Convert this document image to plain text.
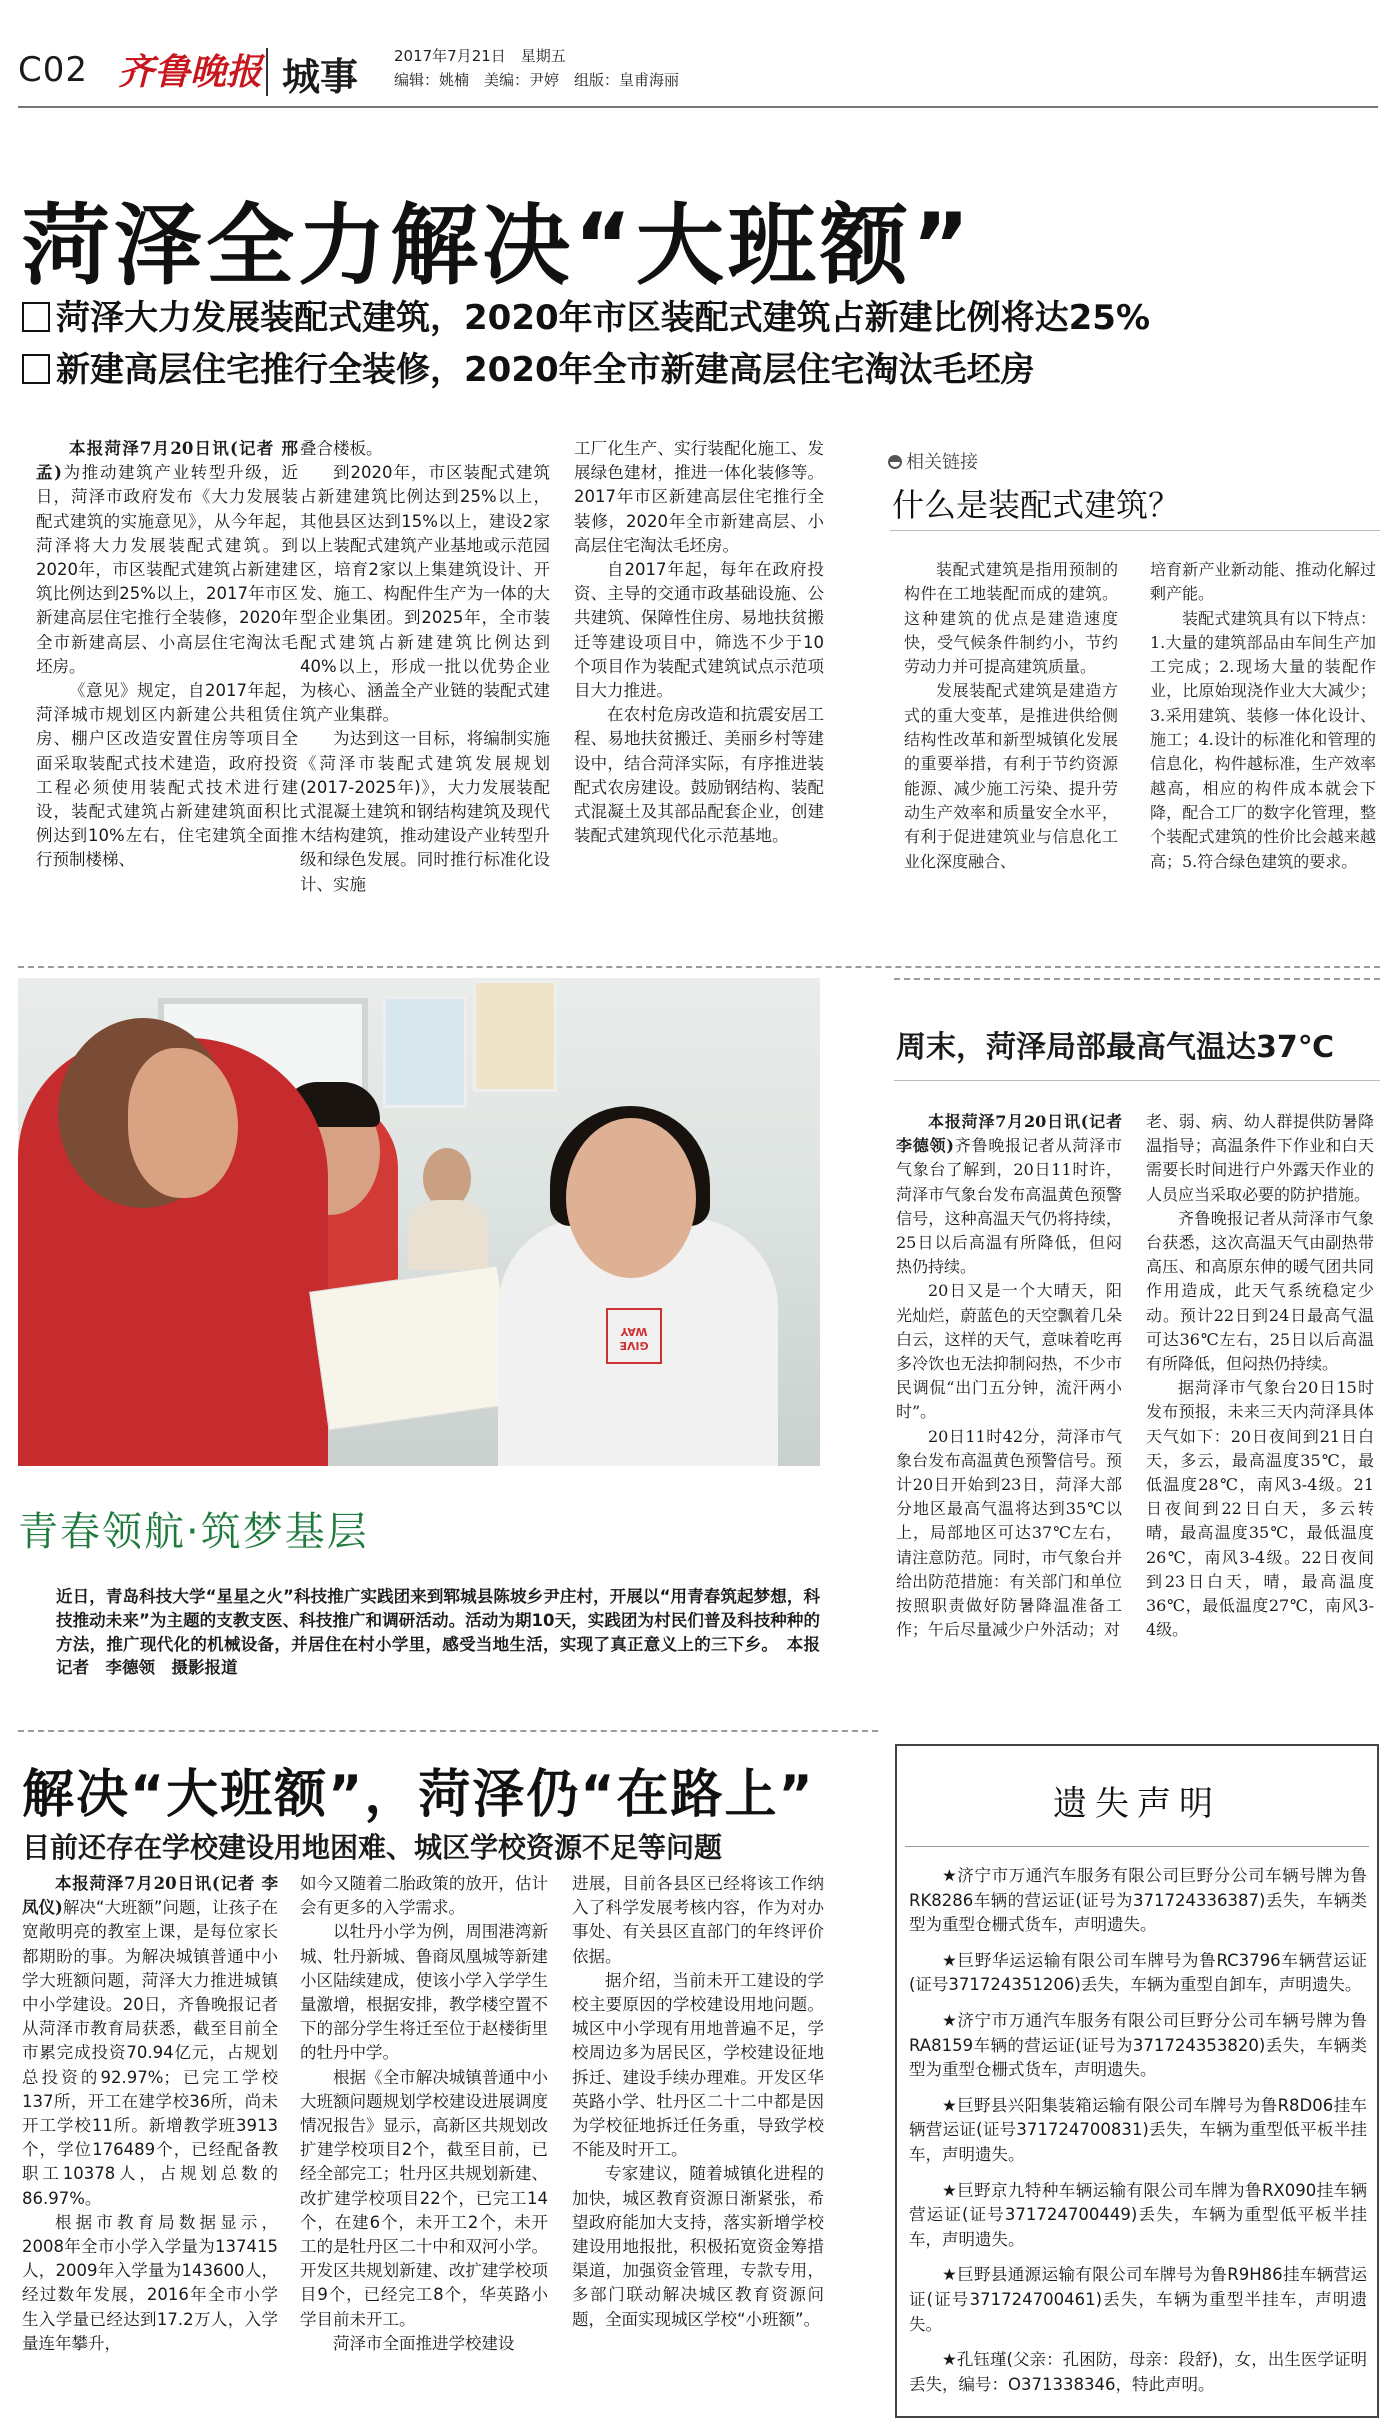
C02 齐鲁晚报 城事 2017年7月21日　星期五
编辑：姚楠　美编：尹婷　组版：皇甫海丽
菏泽全力解决“大班额”
菏泽大力发展装配式建筑，2020年市区装配式建筑占新建比例将达25%
新建高层住宅推行全装修，2020年全市新建高层住宅淘汰毛坯房

本报菏泽7月20日讯(记者 邢孟)为推动建筑产业转型升级，近日，菏泽市政府发布《大力发展装配式建筑的实施意见》，从今年起，菏泽将大力发展装配式建筑。到2020年，市区装配式建筑占新建建筑比例达到25%以上，2017年市区新建高层住宅推行全装修，2020年全市新建高层、小高层住宅淘汰毛坯房。

《意见》规定，自2017年起，菏泽城市规划区内新建公共租赁住房、棚户区改造安置住房等项目全面采取装配式技术建造，政府投资工程必须使用装配式技术进行建设，装配式建筑占新建建筑面积比例达到10%左右，住宅建筑全面推行预制楼梯、

叠合楼板。

到2020年，市区装配式建筑占新建建筑比例达到25%以上，其他县区达到15%以上，建设2家以上装配式建筑产业基地或示范园区，培育2家以上集建筑设计、开发、施工、构配件生产为一体的大型企业集团。到2025年，全市装配式建筑占新建建筑比例达到40%以上，形成一批以优势企业为核心、涵盖全产业链的装配式建筑产业集群。

为达到这一目标，将编制实施《菏泽市装配式建筑发展规划(2017-2025年)》，大力发展装配式混凝土建筑和钢结构建筑及现代木结构建筑，推动建设产业转型升级和绿色发展。同时推行标准化设计、实施

工厂化生产、实行装配化施工、发展绿色建材，推进一体化装修等。2017年市区新建高层住宅推行全装修，2020年全市新建高层、小高层住宅淘汰毛坯房。

自2017年起，每年在政府投资、主导的交通市政基础设施、公共建筑、保障性住房、易地扶贫搬迁等建设项目中，筛选不少于10个项目作为装配式建筑试点示范项目大力推进。

在农村危房改造和抗震安居工程、易地扶贫搬迁、美丽乡村等建设中，结合菏泽实际，有序推进装配式农房建设。鼓励钢结构、装配式混凝土及其部品配套企业，创建装配式建筑现代化示范基地。

相关链接
什么是装配式建筑？

装配式建筑是指用预制的构件在工地装配而成的建筑。这种建筑的优点是建造速度快，受气候条件制约小，节约劳动力并可提高建筑质量。

发展装配式建筑是建造方式的重大变革，是推进供给侧结构性改革和新型城镇化发展的重要举措，有利于节约资源能源、减少施工污染、提升劳动生产效率和质量安全水平，有利于促进建筑业与信息化工业化深度融合、

培育新产业新动能、推动化解过剩产能。

装配式建筑具有以下特点：1.大量的建筑部品由车间生产加工完成；2.现场大量的装配作业，比原始现浇作业大大减少；3.采用建筑、装修一体化设计、施工；4.设计的标准化和管理的信息化，构件越标准，生产效率越高，相应的构件成本就会下降，配合工厂的数字化管理，整个装配式建筑的性价比会越来越高；5.符合绿色建筑的要求。

GIVE WAY
青春领航·筑梦基层
近日，青岛科技大学“星星之火”科技推广实践团来到郓城县陈坡乡尹庄村，开展以“用青春筑起梦想，科技推动未来”为主题的支教支医、科技推广和调研活动。活动为期10天，实践团为村民们普及科技种种的方法，推广现代化的机械设备，并居住在村小学里，感受当地生活，实现了真正意义上的三下乡。　本报记者　李德领　摄影报道
周末，菏泽局部最高气温达37℃

本报菏泽7月20日讯(记者 李德领)齐鲁晚报记者从菏泽市气象台了解到，20日11时许，菏泽市气象台发布高温黄色预警信号，这种高温天气仍将持续，25日以后高温有所降低，但闷热仍持续。

20日又是一个大晴天，阳光灿烂，蔚蓝色的天空飘着几朵白云，这样的天气，意味着吃再多冷饮也无法抑制闷热，不少市民调侃“出门五分钟，流汗两小时”。

20日11时42分，菏泽市气象台发布高温黄色预警信号。预计20日开始到23日，菏泽大部分地区最高气温将达到35℃以上，局部地区可达37℃左右，请注意防范。同时，市气象台并给出防范措施：有关部门和单位按照职责做好防暑降温准备工作；午后尽量减少户外活动；对

老、弱、病、幼人群提供防暑降温指导；高温条件下作业和白天需要长时间进行户外露天作业的人员应当采取必要的防护措施。

齐鲁晚报记者从菏泽市气象台获悉，这次高温天气由副热带高压、和高原东伸的暖气团共同作用造成，此天气系统稳定少动。预计22日到24日最高气温可达36℃左右，25日以后高温有所降低，但闷热仍持续。

据菏泽市气象台20日15时发布预报，未来三天内菏泽具体天气如下：20日夜间到21日白天，多云，最高温度35℃，最低温度28℃，南风3-4级。21日夜间到22日白天，多云转晴，最高温度35℃，最低温度26℃，南风3-4级。22日夜间到23日白天，晴，最高温度36℃，最低温度27℃，南风3-4级。

解决“大班额”，菏泽仍“在路上”
目前还存在学校建设用地困难、城区学校资源不足等问题

本报菏泽7月20日讯(记者 李凤仪)解决“大班额”问题，让孩子在宽敞明亮的教室上课，是每位家长都期盼的事。为解决城镇普通中小学大班额问题，菏泽大力推进城镇中小学建设。20日，齐鲁晚报记者从菏泽市教育局获悉，截至目前全市累完成投资70.94亿元，占规划总投资的92.97%；已完工学校137所，开工在建学校36所，尚未开工学校11所。新增教学班3913个，学位176489个，已经配备教职工10378人，占规划总数的86.97%。

根据市教育局数据显示，2008年全市小学入学量为137415人，2009年入学量为143600人，经过数年发展，2016年全市小学生入学量已经达到17.2万人，入学量连年攀升，

如今又随着二胎政策的放开，估计会有更多的入学需求。

以牡丹小学为例，周围港湾新城、牡丹新城、鲁商凤凰城等新建小区陆续建成，使该小学入学学生量激增，根据安排，教学楼空置不下的部分学生将迁至位于赵楼街里的牡丹中学。

根据《全市解决城镇普通中小大班额问题规划学校建设进展调度情况报告》显示，高新区共规划改扩建学校项目2个，截至目前，已经全部完工；牡丹区共规划新建、改扩建学校项目22个，已完工14个，在建6个，未开工2个，未开工的是牡丹区二十中和双河小学。开发区共规划新建、改扩建学校项目9个，已经完工8个，华英路小学目前未开工。

菏泽市全面推进学校建设

进展，目前各县区已经将该工作纳入了科学发展考核内容，作为对办事处、有关县区直部门的年终评价依据。

据介绍，当前未开工建设的学校主要原因的学校建设用地问题。城区中小学现有用地普遍不足，学校周边多为居民区，学校建设征地拆迁、建设手续办理难。开发区华英路小学、牡丹区二十二中都是因为学校征地拆迁任务重，导致学校不能及时开工。

专家建议，随着城镇化进程的加快，城区教育资源日渐紧张，希望政府能加大支持，落实新增学校建设用地报批，积极拓宽资金筹措渠道，加强资金管理，专款专用，多部门联动解决城区教育资源问题，全面实现城区学校“小班额”。

遗失声明

★济宁市万通汽车服务有限公司巨野分公司车辆号牌为鲁RK8286车辆的营运证(证号为371724336387)丢失，车辆类型为重型仓栅式货车，声明遗失。

★巨野华运运输有限公司车牌号为鲁RC3796车辆营运证(证号371724351206)丢失，车辆为重型自卸车，声明遗失。

★济宁市万通汽车服务有限公司巨野分公司车辆号牌为鲁RA8159车辆的营运证(证号为371724353820)丢失，车辆类型为重型仓栅式货车，声明遗失。

★巨野县兴阳集装箱运输有限公司车牌号为鲁R8D06挂车辆营运证(证号371724700831)丢失，车辆为重型低平板半挂车，声明遗失。

★巨野京九特种车辆运输有限公司车牌为鲁RX090挂车辆营运证(证号371724700449)丢失，车辆为重型低平板半挂车，声明遗失。

★巨野县通源运输有限公司车牌号为鲁R9H86挂车辆营运证(证号371724700461)丢失，车辆为重型半挂车，声明遗失。

★孔钰瑾(父亲：孔困防，母亲：段舒)，女，出生医学证明丢失，编号：O371338346，特此声明。
